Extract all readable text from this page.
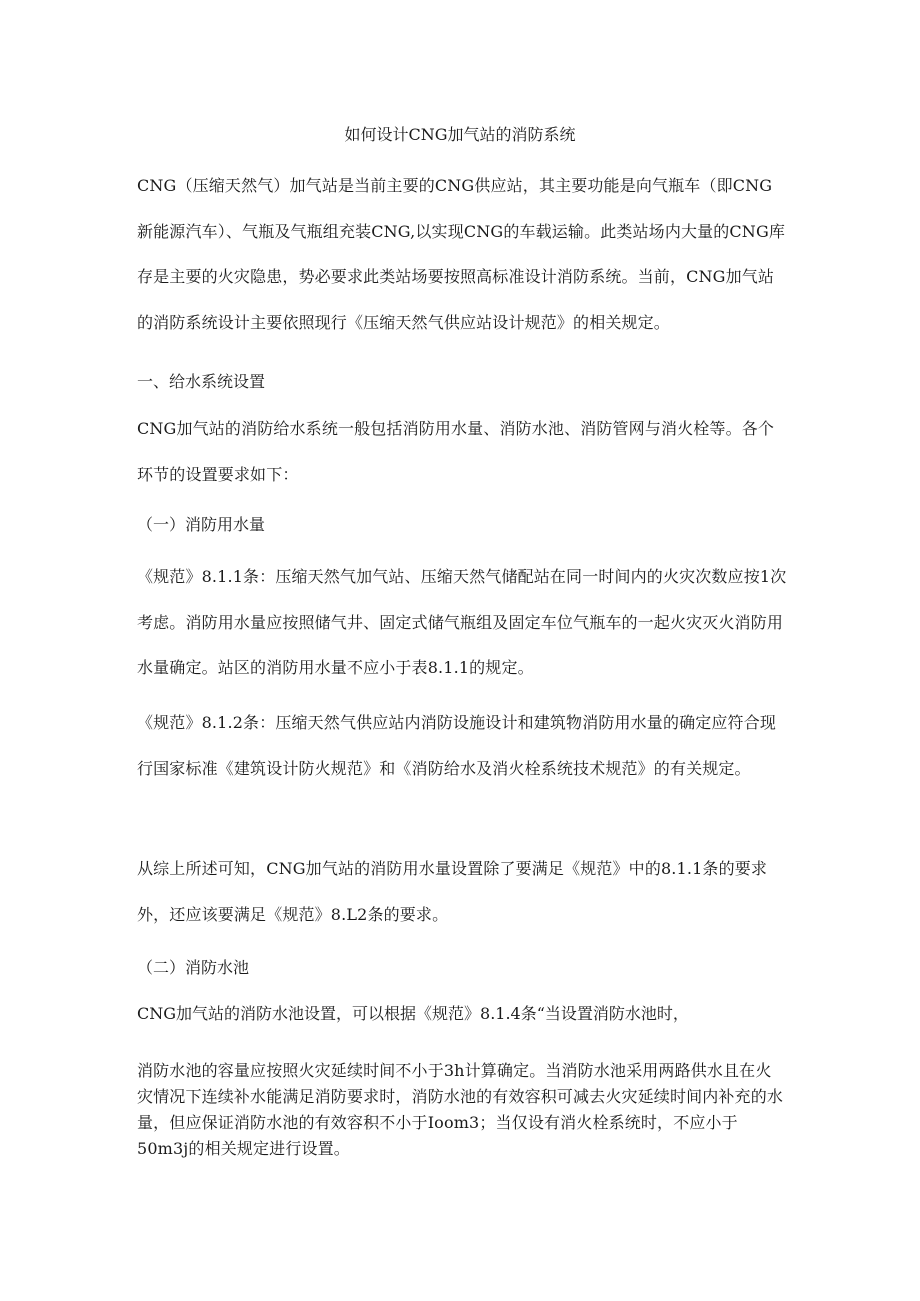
如何设计CNG加气站的消防系统

CNG（压缩天然气）加气站是当前主要的CNG供应站，其主要功能是向气瓶车（即CNG新能源汽车）、气瓶及气瓶组充装CNG,以实现CNG的车载运输。此类站场内大量的CNG库存是主要的火灾隐患，势必要求此类站场要按照高标准设计消防系统。当前，CNG加气站的消防系统设计主要依照现行《压缩天然气供应站设计规范》的相关规定。

一、给水系统设置

CNG加气站的消防给水系统一般包括消防用水量、消防水池、消防管网与消火栓等。各个环节的设置要求如下：

（一）消防用水量

《规范》8.1.1条：压缩天然气加气站、压缩天然气储配站在同一时间内的火灾次数应按1次考虑。消防用水量应按照储气井、固定式储气瓶组及固定车位气瓶车的一起火灾灭火消防用水量确定。站区的消防用水量不应小于表8.1.1的规定。

《规范》8.1.2条：压缩天然气供应站内消防设施设计和建筑物消防用水量的确定应符合现行国家标准《建筑设计防火规范》和《消防给水及消火栓系统技术规范》的有关规定。

从综上所述可知，CNG加气站的消防用水量设置除了要满足《规范》中的8.1.1条的要求外，还应该要满足《规范》8.L2条的要求。

（二）消防水池
CNG加气站的消防水池设置，可以根据《规范》8.1.4条“当设置消防水池时，

消防水池的容量应按照火灾延续时间不小于3h计算确定。当消防水池采用两路供水且在火灾情况下连续补水能满足消防要求时，消防水池的有效容积可减去火灾延续时间内补充的水量，但应保证消防水池的有效容积不小于Ioom3；当仅设有消火栓系统时，不应小于50m3j的相关规定进行设置。
